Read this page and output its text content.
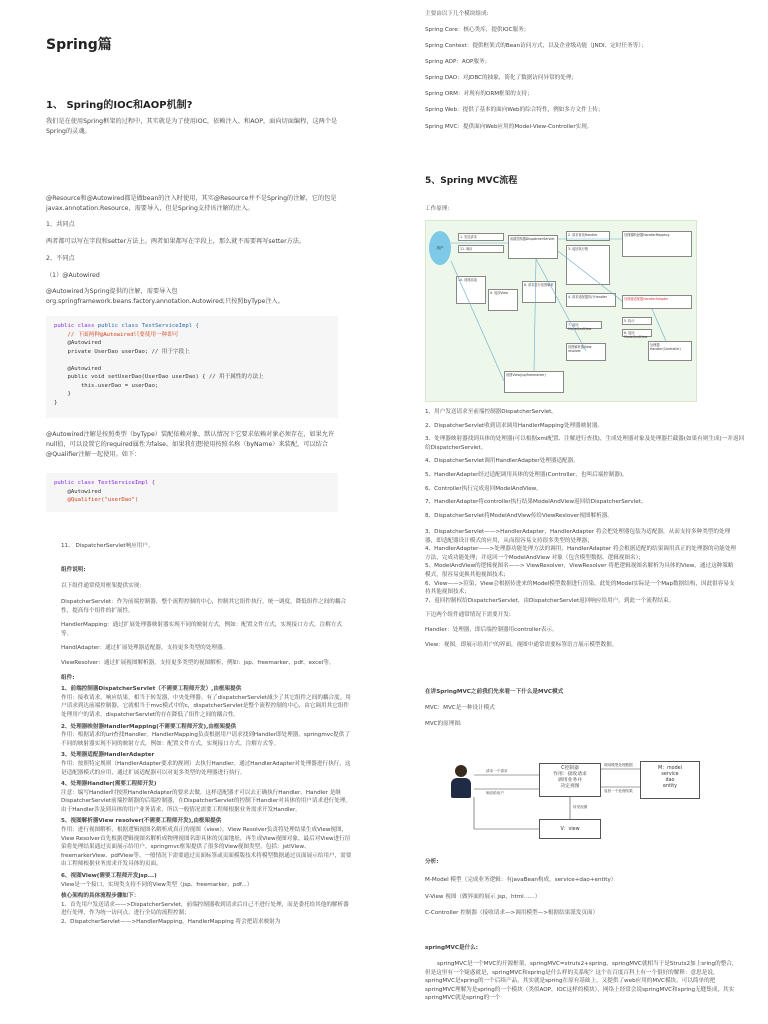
Spring篇

1、 Spring的IOC和AOP机制?

我们是在使用Spring框架的过程中，其实就是为了使用IOC，依赖注入，和AOP，面向切面编程，这两个是Spring的灵魂。

@Resource和@Autowired都是做bean的注入时使用，其实@Resource并不是Spring的注解，它的包是javax.annotation.Resource，需要导入，但是Spring支持该注解的注入。

1、共同点

两者都可以写在字段和setter方法上。两者如果都写在字段上，那么就不需要再写setter方法。

2、不同点

（1）@Autowired

@Autowired为Spring提供的注解，需要导入包org.springframework.beans.factory.annotation.Autowired;只按照byType注入。

public class public class TestServiceImpl {
// 下面两种@Autowired只要使用一种即可
@Autowired
private UserDao userDao; // 用于字段上
@Autowired
public void setUserDao(UserDao userDao) { // 用于属性的方法上
this.userDao = userDao;
}
}

@Autowired注解是按照类型（byType）装配依赖对象，默认情况下它要求依赖对象必须存在，如果允许null值，可以设置它的required属性为false。如果我们想使用按照名称（byName）来装配，可以结合@Qualifier注解一起使用。如下：

public class TestServiceImpl {
@Autowired
@Qualifier("userDao")

主要由以下几个模块组成:

Spring Core：核心类库，提供IOC服务；

Spring Context：提供框架式的Bean访问方式，以及企业级功能（JNDI、定时任务等）；

Spring AOP：AOP服务；

Spring DAO：对JDBC的抽象，简化了数据访问异常的处理；

Spring ORM：对现有的ORM框架的支持；

Spring Web：提供了基本的面向Web的综合特性，例如多方文件上传；

Spring MVC：提供面向Web应用的Model-View-Controller实现。

5、Spring MVC流程

工作原理:

用户
1. 发送请求
11. 响应
前端控制器DispatcherServlet
2. 请求查找Handler
3. 返回执行链
处理器映射器HandlerMapping
10. 视图渲染
9. 返回View
8. 请求进行视图解析
4. 请求适配器执行Handler
7. 返回ModelAndView
处理器适配器HandlerAdapter
5. 执行
6. 返回ModelAndView
视图解析器View resolver
处理器Handler(Controller)
视图View(jsp/freemarker)

1、用户发送请求至前端控制器DispatcherServlet。

2、DispatcherServlet收到请求调用HandlerMapping处理器映射器。

3、处理器映射器找到具体的处理器(可以根据xml配置、注解进行查找)，生成处理器对象及处理器拦截器(如果有则生成)一并返回给DispatcherServlet。

4、DispatcherServlet调用HandlerAdapter处理器适配器。

5、HandlerAdapter经过适配调用具体的处理器(Controller，也叫后端控制器)。

6、Controller执行完成返回ModelAndView。

7、HandlerAdapter将controller执行结果ModelAndView返回给DispatcherServlet。

8、DispatcherServlet将ModelAndView传给ViewReslover视图解析器。

11、 DispatcherServlet响应用户。

组件说明:

以下组件通常使用框架提供实现:

DispatcherServlet：作为前端控制器，整个流程控制的中心，控制其它组件执行，统一调度，降低组件之间的耦合性，提高每个组件的扩展性。

HandlerMapping：通过扩展处理器映射器实现不同的映射方式，例如：配置文件方式，实现接口方式，注解方式等。

HandlAdapter：通过扩展处理器适配器，支持更多类型的处理器。

ViewResolver：通过扩展视图解析器，支持更多类型的视图解析，例如：jsp、freemarker、pdf、excel等。

组件:

1、前端控制器DispatcherServlet（不需要工程师开发）,由框架提供

作用：接收请求，响应结果，相当于转发器，中央处理器。有了dispatcherServlet减少了其它组件之间的耦合度。用户请求到达前端控制器，它就相当于mvc模式中的c，dispatcherServlet是整个流程控制的中心，由它调用其它组件处理用户的请求，dispatcherServlet的存在降低了组件之间的耦合性。

2、处理器映射器HandlerMapping(不需要工程师开发),由框架提供

作用：根据请求的url查找Handler。HandlerMapping负责根据用户请求找到Handler即处理器，springmvc提供了不同的映射器实现不同的映射方式，例如：配置文件方式，实现接口方式，注解方式等。

3、处理器适配器HandlerAdapter

作用：按照特定规则（HandlerAdapter要求的规则）去执行Handler。通过HandlerAdapter对处理器进行执行，这是适配器模式的应用，通过扩展适配器可以对更多类型的处理器进行执行。

4、处理器Handler(需要工程师开发)

注意：编写Handler时按照HandlerAdapter的要求去做，这样适配器才可以去正确执行Handler。Handler 是继DispatcherServlet前端控制器的后端控制器，在DispatcherServlet的控制下Handler对具体的用户请求进行处理。由于Handler涉及到具体的用户业务请求，所以一般情况需要工程师根据业务需求开发Handler。

5、视图解析器View resolver(不需要工程师开发),由框架提供

作用：进行视图解析，根据逻辑视图名解析成真正的视图（view）。View Resolver负责将处理结果生成View视图，View Resolver首先根据逻辑视图名解析成物理视图名即具体的页面地址，再生成View视图对象，最后对View进行渲染将处理结果通过页面展示给用户。springmvc框架提供了很多的View视图类型，包括：jstlView、freemarkerView、pdfView等。一般情况下需要通过页面标签或页面模版技术将模型数据通过页面展示给用户，需要由工程师根据业务需求开发具体的页面。

6、视图View(需要工程师开发jsp...)

View是一个接口，实现类支持不同的View类型（jsp、freemarker、pdf...）

核心架构的具体流程步骤如下：

1、首先用户发送请求——>DispatcherServlet，前端控制器收到请求后自己不进行处理，而是委托给其他的解析器进行处理，作为统一访问点，进行全局的流程控制；

2、DispatcherServlet——>HandlerMapping，HandlerMapping 将会把请求映射为

3、DispatcherServlet——>HandlerAdapter，HandlerAdapter 将会把处理器包装为适配器，从而支持多种类型的处理器，即适配器设计模式的应用，从而很容易支持很多类型的处理器；

4、HandlerAdapter——>处理器功能处理方法的调用，HandlerAdapter 将会根据适配的结果调用真正的处理器的功能处理方法，完成功能处理；并返回一个ModelAndView 对象（包含模型数据、逻辑视图名）；

5、ModelAndView的逻辑视图名——> ViewResolver，ViewResolver 将把逻辑视图名解析为具体的View，通过这种策略模式，很容易更换其他视图技术；

6、View——>渲染，View会根据传进来的Model模型数据进行渲染，此处的Model实际是一个Map数据结构，因此很容易支持其他视图技术；

7、返回控制权给DispatcherServlet，由DispatcherServlet返回响应给用户，到此一个流程结束。

下边两个组件通常情况下需要开发:

Handler：处理器，即后端控制器用controller表示。

View：视图，即展示给用户的界面，视图中通常需要标签语言展示模型数据。

在讲SpringMVC之前我们先来看一下什么是MVC模式

MVC：MVC是一种设计模式

MVC的原理图:

C控制器
作用：接收请求
调用业务并
决定视图
M：model
service
dao
entity
V：view
请求一个请求
响应给用户
调用模型处理数据
返回一个处理结果
转发视图

分析:

M-Model 模型（完成业务逻辑：有javaBean构成，service+dao+entity）

V-View 视图（做界面的展示 jsp，html……）

C-Controller 控制器（接收请求—>调用模型—>根据结果派发页面）

springMVC是什么:

springMVC是一个MVC的开源框架，springMVC=struts2+spring，springMVC就相当于是Struts2加上sring的整合，但是这里有一个疑惑就是，springMVC和spring是什么样的关系呢？这个在百度百科上有一个很好的解释：意思是说，springMVC是spring的一个后续产品，其实就是spring在原有基础上，又提供了web应用的MVC模块，可以简单的把springMVC理解为是spring的一个模块（类似AOP，IOC这样的模块），网络上经常会说springMVC和spring无缝集成，其实springMVC就是spring的一个
